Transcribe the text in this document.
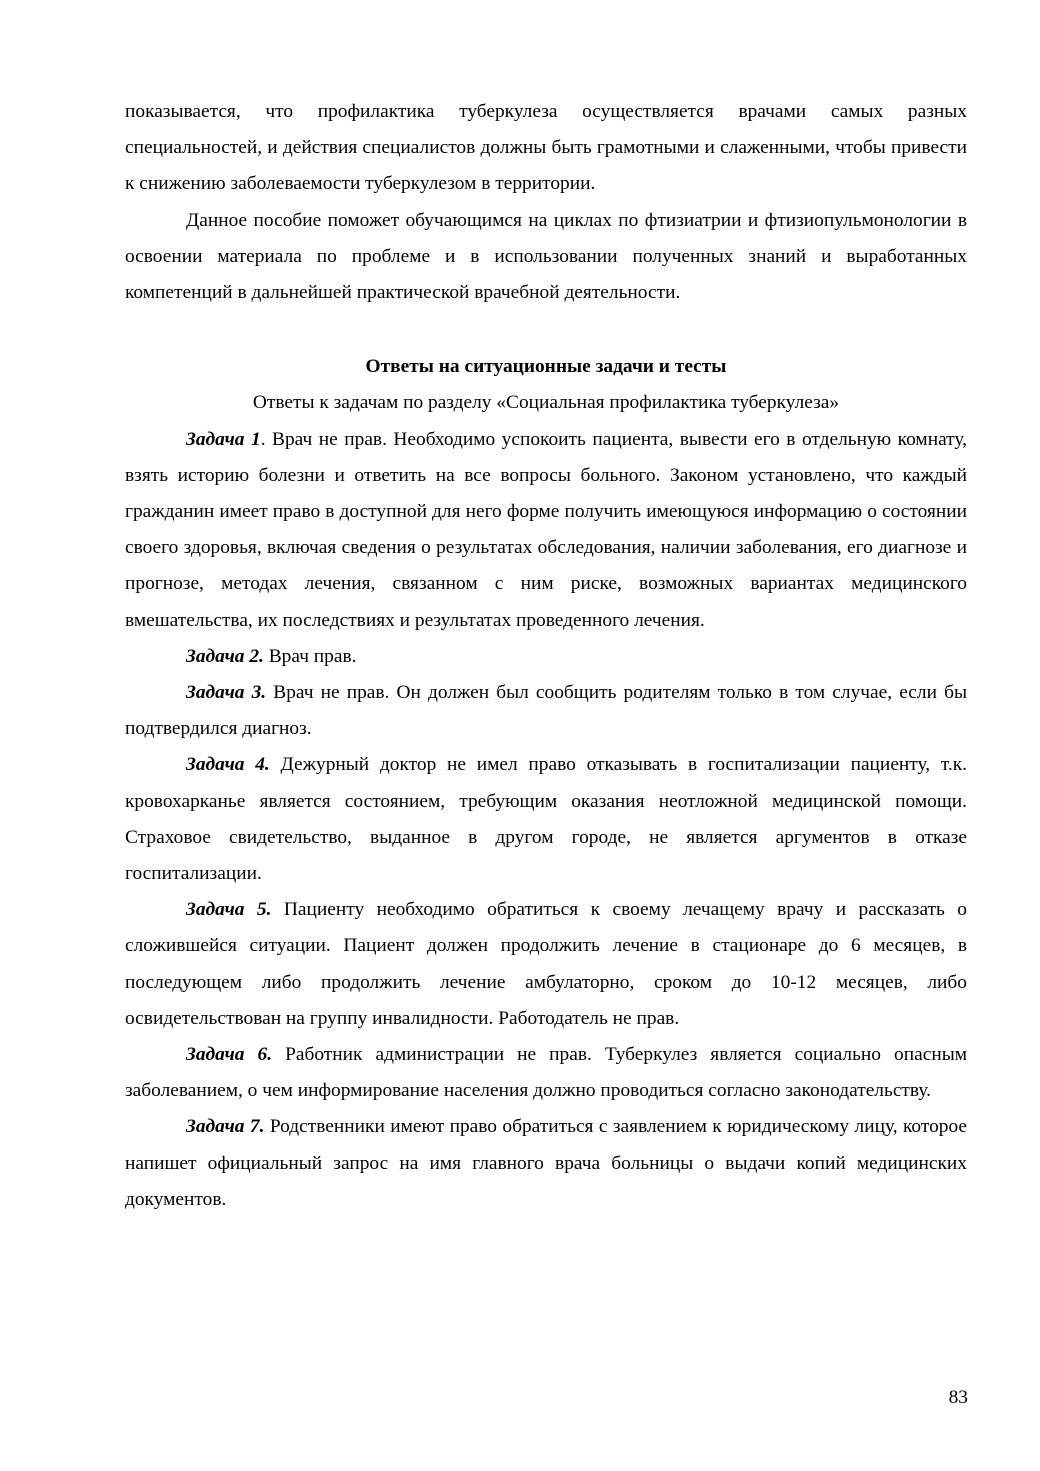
показывается, что профилактика туберкулеза осуществляется врачами самых разных специальностей, и действия специалистов должны быть грамотными и слаженными, чтобы привести к снижению заболеваемости туберкулезом в территории.

Данное пособие поможет обучающимся на циклах по фтизиатрии и фтизиопульмонологии в освоении материала по проблеме и в использовании полученных знаний и выработанных компетенций в дальнейшей практической врачебной деятельности.

Ответы на ситуационные задачи и тесты

Ответы к задачам по разделу «Социальная профилактика туберкулеза»

Задача 1. Врач не прав. Необходимо успокоить пациента, вывести его в отдельную комнату, взять историю болезни и ответить на все вопросы больного. Законом установлено, что каждый гражданин имеет право в доступной для него форме получить имеющуюся информацию о состоянии своего здоровья, включая сведения о результатах обследования, наличии заболевания, его диагнозе и прогнозе, методах лечения, связанном с ним риске, возможных вариантах медицинского вмешательства, их последствиях и результатах проведенного лечения.

Задача 2. Врач прав.

Задача 3. Врач не прав. Он должен был сообщить родителям только в том случае, если бы подтвердился диагноз.

Задача 4. Дежурный доктор не имел право отказывать в госпитализации пациенту, т.к. кровохарканье является состоянием, требующим оказания неотложной медицинской помощи. Страховое свидетельство, выданное в другом городе, не является аргументов в отказе госпитализации.

Задача 5. Пациенту необходимо обратиться к своему лечащему врачу и рассказать о сложившейся ситуации. Пациент должен продолжить лечение в стационаре до 6 месяцев, в последующем либо продолжить лечение амбулаторно, сроком до 10-12 месяцев, либо освидетельствован на группу инвалидности. Работодатель не прав.

Задача 6. Работник администрации не прав. Туберкулез является социально опасным заболеванием, о чем информирование населения должно проводиться согласно законодательству.

Задача 7. Родственники имеют право обратиться с заявлением к юридическому лицу, которое напишет официальный запрос на имя главного врача больницы о выдачи копий медицинских документов.

83
